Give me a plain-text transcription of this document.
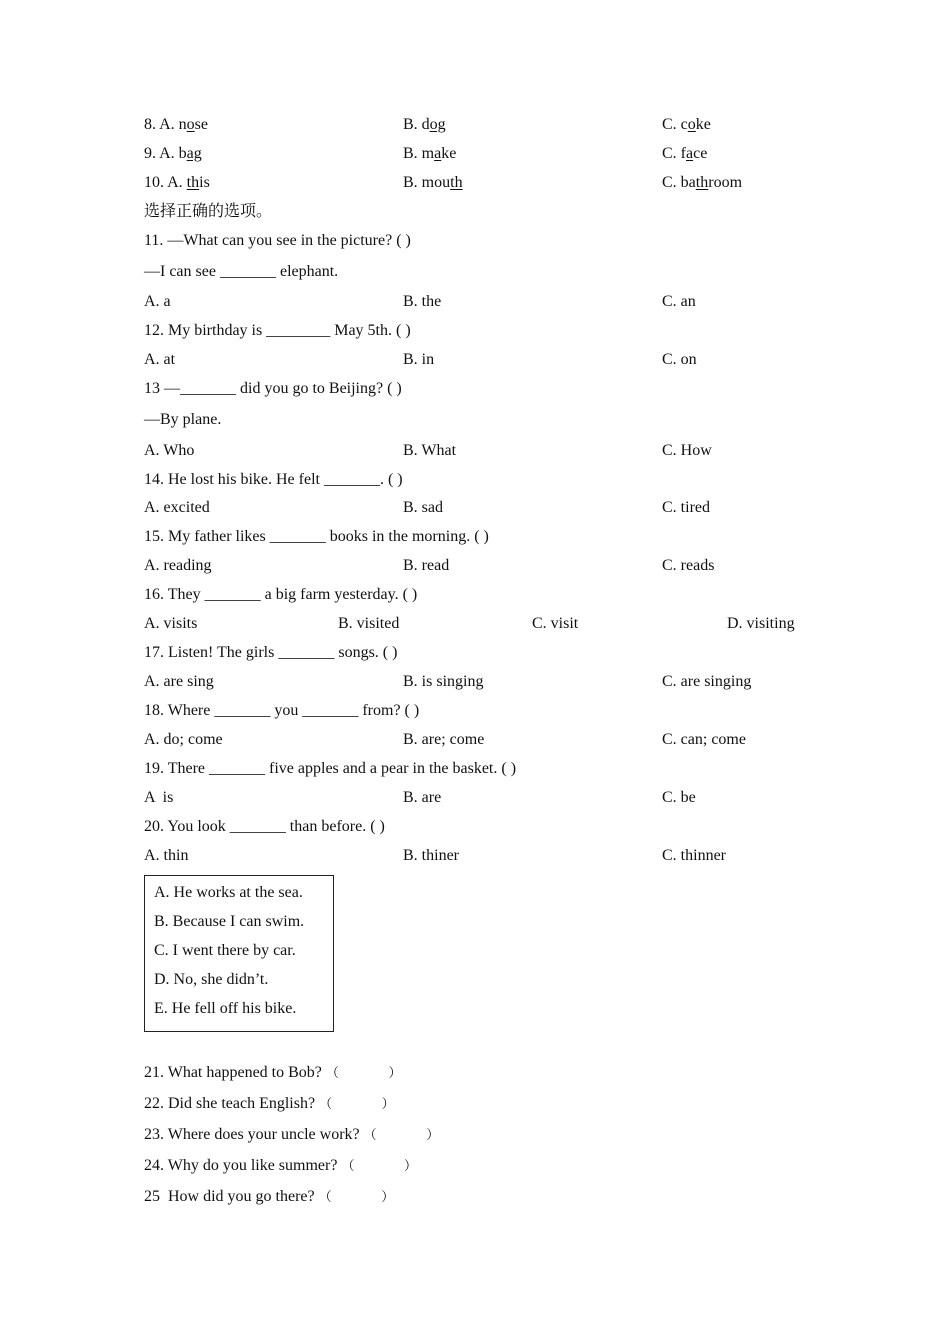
8. A. nose	B. dog	C. coke
9. A. bag	B. make	C. face
10. A. this	B. mouth	C. bathroom
选择正确的选项。
11. —What can you see in the picture? ( )
—I can see _______ elephant.
A. a	B. the	C. an
12. My birthday is ________ May 5th. ( )
A. at	B. in	C. on
13 —_______ did you go to Beijing? ( )
—By plane.
A. Who	B. What	C. How
14. He lost his bike. He felt _______. ( )
A. excited	B. sad	C. tired
15. My father likes _______ books in the morning. ( )
A. reading	B. read	C. reads
16. They _______ a big farm yesterday. ( )
A. visits	B. visited	C. visit	D. visiting
17. Listen! The girls _______ songs. ( )
A. are sing	B. is singing	C. are singing
18. Where _______ you _______ from? ( )
A. do; come	B. are; come	C. can; come
19. There _______ five apples and a pear in the basket. ( )
A  is	B. are	C. be
20. You look _______ than before. ( )
A. thin	B. thiner	C. thinner
A. He works at the sea.
B. Because I can swim.
C. I went there by car.
D. No, she didn’t.
E. He fell off his bike.
21. What happened to Bob? （            ）
22. Did she teach English? （            ）
23. Where does your uncle work? （            ）
24. Why do you like summer? （            ）
25  How did you go there? （            ）
